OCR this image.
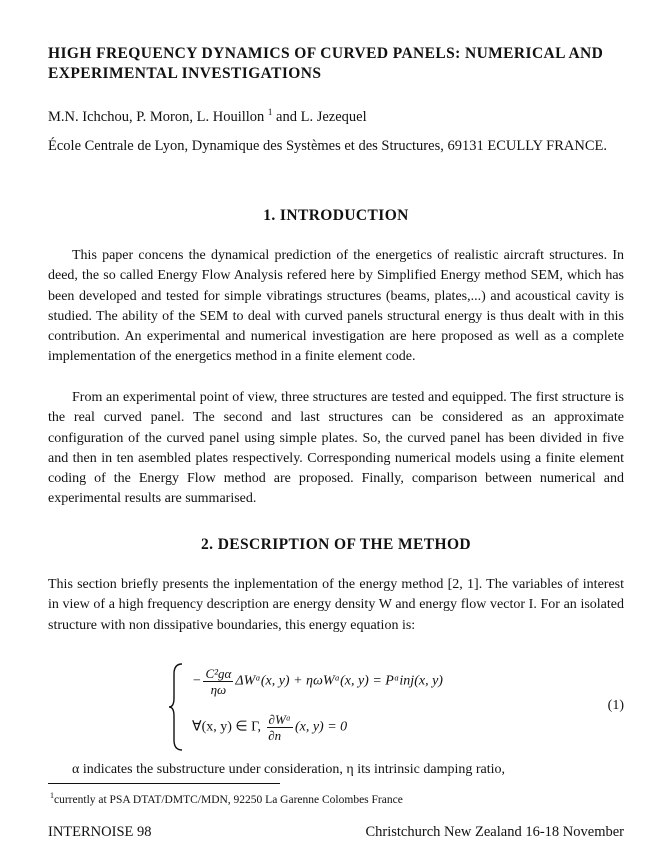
HIGH FREQUENCY DYNAMICS OF CURVED PANELS: NUMERICAL AND EXPERIMENTAL INVESTIGATIONS
M.N. Ichchou, P. Moron, L. Houillon $^1$ and L. Jezequel
École Centrale de Lyon, Dynamique des Systèmes et des Structures, 69131 ECULLY FRANCE.
1. INTRODUCTION

This paper concens the dynamical prediction of the energetics of realistic aircraft structures. In deed, the so called Energy Flow Analysis refered here by Simplified Energy method SEM, which has been developed and tested for simple vibratings structures (beams, plates,...) and acoustical cavity is studied. The ability of the SEM to deal with curved panels structural energy is thus dealt with in this contribution. An experimental and numerical investigation are here proposed as well as a complete implementation of the energetics method in a finite element code.

From an experimental point of view, three structures are tested and equipped. The first structure is the real curved panel. The second and last structures can be considered as an approximate configuration of the curved panel using simple plates. So, the curved panel has been divided in five and then in ten asembled plates respectively. Corresponding numerical models using a finite element coding of the Energy Flow method are proposed. Finally, comparison between numerical and experimental results are summarised.

2. DESCRIPTION OF THE METHOD

This section briefly presents the inplementation of the energy method [2, 1]. The variables of interest in view of a high frequency description are energy density W and energy flow vector I. For an isolated structure with non dissipative boundaries, this energy equation is:

− $\frac{\text{C²gα}}{\eta\omega}$ ΔWᵅ(x, y) + ηωWᵅ(x, y) = Pᵅinj(x, y)
∀(x, y) ∈ Γ, $\frac{\text{∂Wᵅ}}{\partial n⃗} (x$, y) = 0
(1)

α indicates the substructure under consideration, η its intrinsic damping ratio,

$^1$currently at PSA DTAT/DMTC/MDN, 92250 La Garenne Colombes France
INTERNOISE 98	Christchurch New Zealand 16-18 November
